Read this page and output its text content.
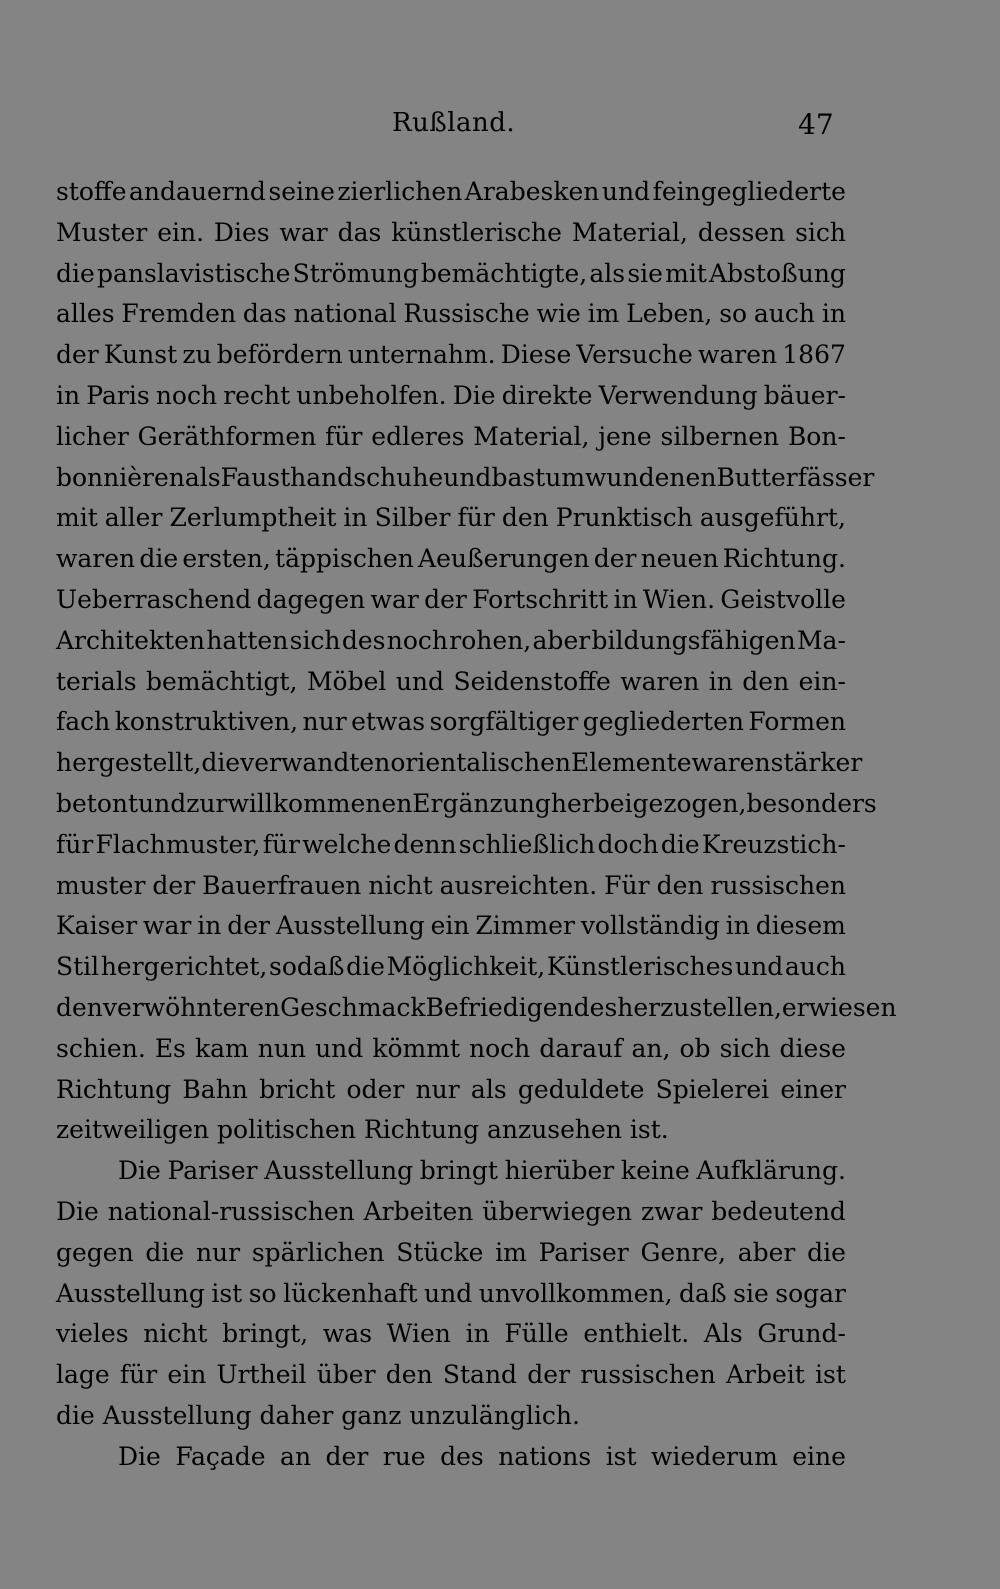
Rußland.	47
stoffe andauernd seine zierlichen Arabesken und feingegliederte
Muster ein. Dies war das künstlerische Material, dessen sich
die panslavistische Strömung bemächtigte, als sie mit Abstoßung
alles Fremden das national Russische wie im Leben, so auch in
der Kunst zu befördern unternahm. Diese Versuche waren 1867
in Paris noch recht unbeholfen. Die direkte Verwendung bäuer-
licher Geräthformen für edleres Material, jene silbernen Bon-
bonnièren als Fausthandschuhe und bastumwundenen Butterfässer
mit aller Zerlumptheit in Silber für den Prunktisch ausgeführt,
waren die ersten, täppischen Aeußerungen der neuen Richtung.
Ueberraschend dagegen war der Fortschritt in Wien. Geistvolle
Architekten hatten sich des noch rohen, aber bildungsfähigen Ma-
terials bemächtigt, Möbel und Seidenstoffe waren in den ein-
fach konstruktiven, nur etwas sorgfältiger gegliederten Formen
hergestellt, die verwandten orientalischen Elemente waren stärker
betont und zur willkommenen Ergänzung herbeigezogen, besonders
für Flachmuster, für welche denn schließlich doch die Kreuzstich-
muster der Bauerfrauen nicht ausreichten. Für den russischen
Kaiser war in der Ausstellung ein Zimmer vollständig in diesem
Stil hergerichtet, sodaß die Möglichkeit, Künstlerisches und auch
den verwöhnteren Geschmack Befriedigendes herzustellen, erwiesen
schien. Es kam nun und kömmt noch darauf an, ob sich diese
Richtung Bahn bricht oder nur als geduldete Spielerei einer
zeitweiligen politischen Richtung anzusehen ist.
Die Pariser Ausstellung bringt hierüber keine Aufklärung.
Die national-russischen Arbeiten überwiegen zwar bedeutend
gegen die nur spärlichen Stücke im Pariser Genre, aber die
Ausstellung ist so lückenhaft und unvollkommen, daß sie sogar
vieles nicht bringt, was Wien in Fülle enthielt. Als Grund-
lage für ein Urtheil über den Stand der russischen Arbeit ist
die Ausstellung daher ganz unzulänglich.
Die Façade an der rue des nations ist wiederum eine
